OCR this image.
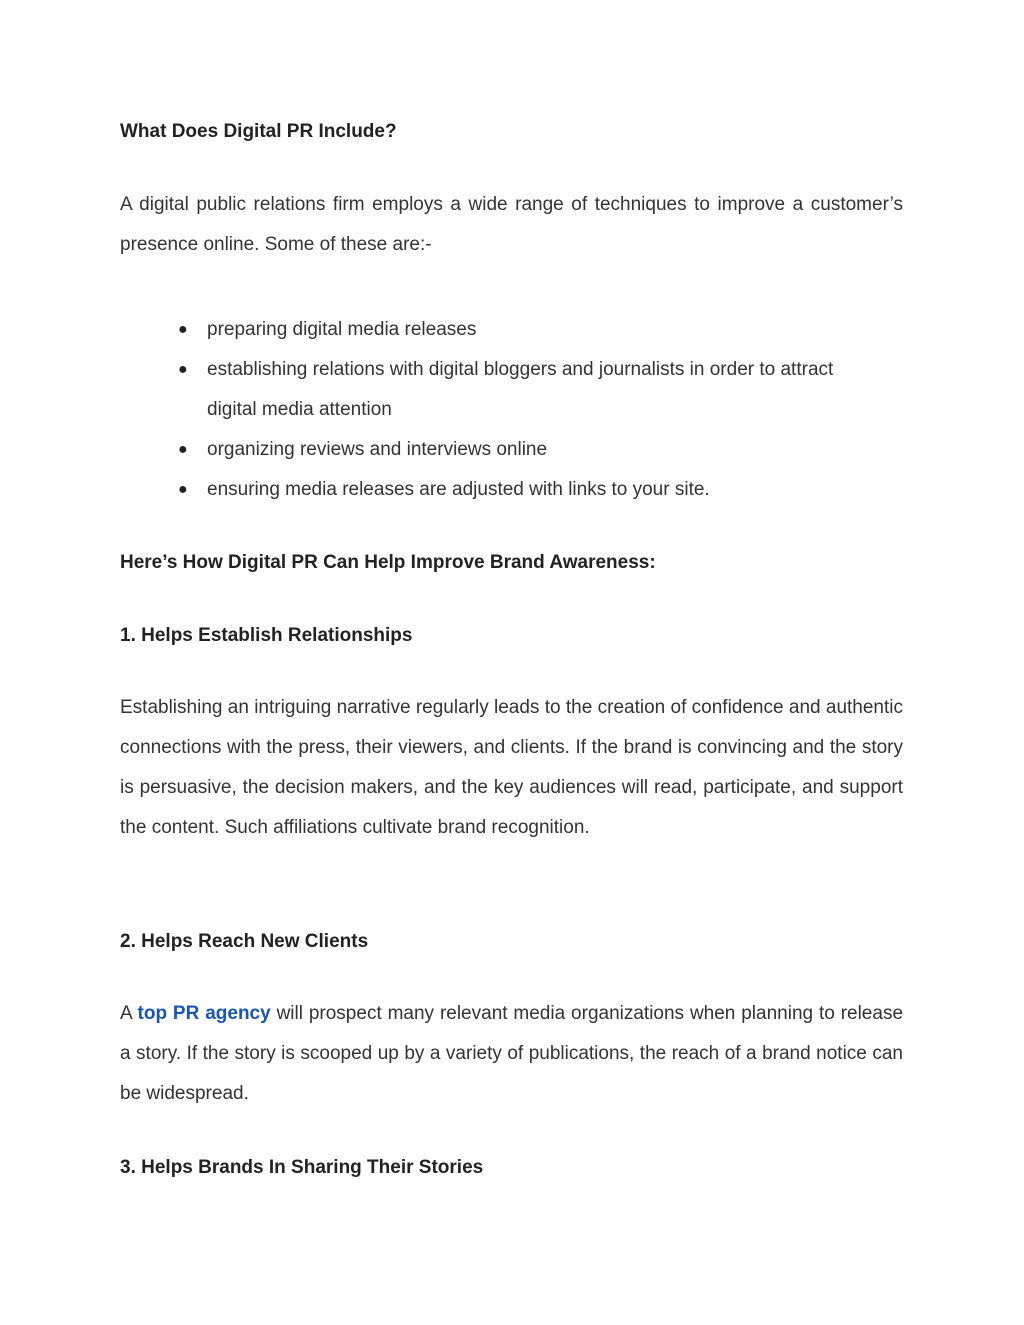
What Does Digital PR Include?

A digital public relations firm employs a wide range of techniques to improve a customer’s presence online. Some of these are:-

● preparing digital media releases
● establishing relations with digital bloggers and journalists in order to attract digital media attention
● organizing reviews and interviews online
● ensuring media releases are adjusted with links to your site.
Here’s How Digital PR Can Help Improve Brand Awareness:
1. Helps Establish Relationships

Establishing an intriguing narrative regularly leads to the creation of confidence and authentic connections with the press, their viewers, and clients. If the brand is convincing and the story is persuasive, the decision makers, and the key audiences will read, participate, and support the content. Such affiliations cultivate brand recognition.

2. Helps Reach New Clients

A top PR agency will prospect many relevant media organizations when planning to release a story. If the story is scooped up by a variety of publications, the reach of a brand notice can be widespread.

3. Helps Brands In Sharing Their Stories
